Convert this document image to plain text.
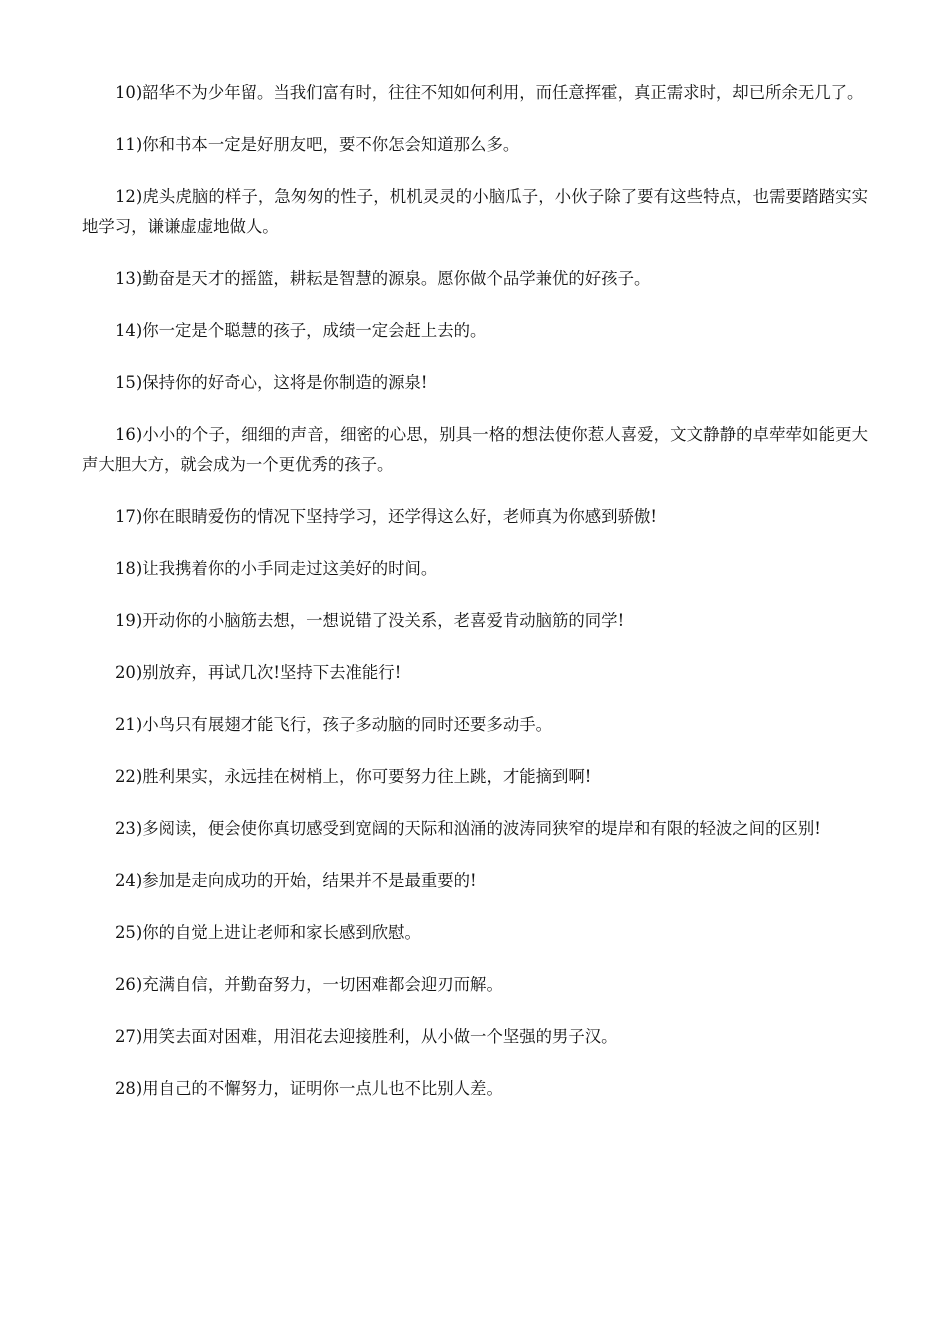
10)韶华不为少年留。当我们富有时，往往不知如何利用，而任意挥霍，真正需求时，却已所余无几了。

11)你和书本一定是好朋友吧，要不你怎会知道那么多。

12)虎头虎脑的样子，急匆匆的性子，机机灵灵的小脑瓜子，小伙子除了要有这些特点，也需要踏踏实实地学习，谦谦虚虚地做人。

13)勤奋是天才的摇篮，耕耘是智慧的源泉。愿你做个品学兼优的好孩子。

14)你一定是个聪慧的孩子，成绩一定会赶上去的。

15)保持你的好奇心，这将是你制造的源泉!

16)小小的个子，细细的声音，细密的心思，别具一格的想法使你惹人喜爱，文文静静的卓荦荦如能更大声大胆大方，就会成为一个更优秀的孩子。

17)你在眼睛爱伤的情况下坚持学习，还学得这么好，老师真为你感到骄傲!

18)让我携着你的小手同走过这美好的时间。

19)开动你的小脑筋去想，一想说错了没关系，老喜爱肯动脑筋的同学!

20)别放弃，再试几次!坚持下去准能行!

21)小鸟只有展翅才能飞行，孩子多动脑的同时还要多动手。

22)胜利果实，永远挂在树梢上，你可要努力往上跳，才能摘到啊!

23)多阅读，便会使你真切感受到宽阔的天际和汹涌的波涛同狭窄的堤岸和有限的轻波之间的区别!

24)参加是走向成功的开始，结果并不是最重要的!

25)你的自觉上进让老师和家长感到欣慰。

26)充满自信，并勤奋努力，一切困难都会迎刃而解。

27)用笑去面对困难，用泪花去迎接胜利，从小做一个坚强的男子汉。

28)用自己的不懈努力，证明你一点儿也不比别人差。
